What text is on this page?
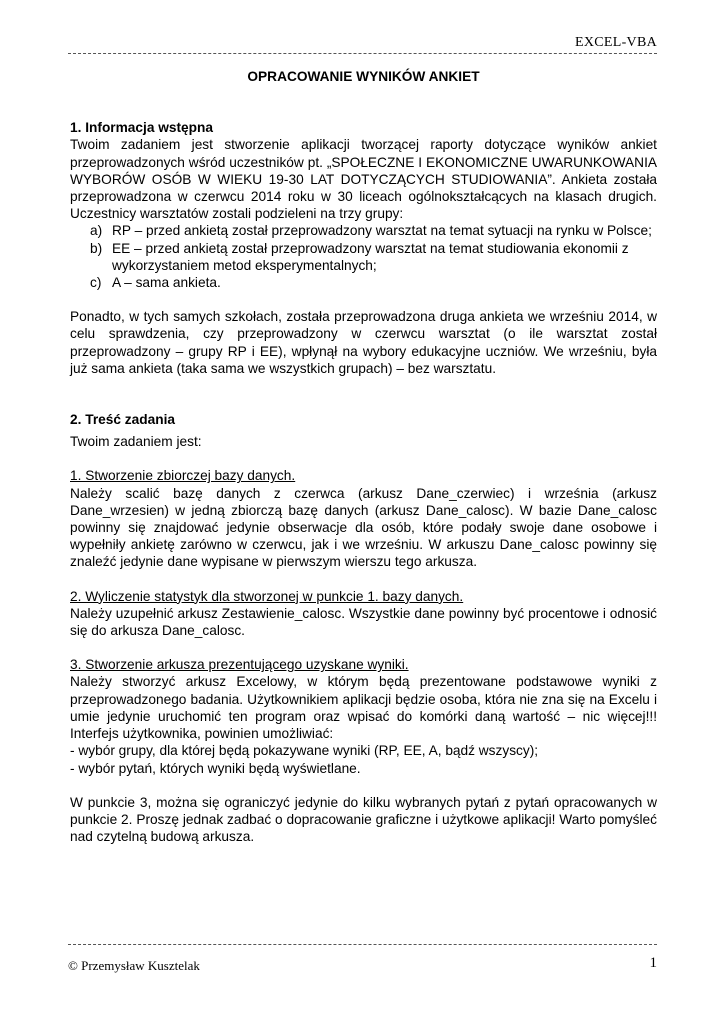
EXCEL-VBA

OPRACOWANIE WYNIKÓW ANKIET

1. Informacja wstępna

Twoim zadaniem jest stworzenie aplikacji tworzącej raporty dotyczące wyników ankiet przeprowadzonych wśród uczestników pt. „SPOŁECZNE I EKONOMICZNE UWARUNKOWANIA WYBORÓW OSÓB W WIEKU 19-30 LAT DOTYCZĄCYCH STUDIOWANIA”. Ankieta została przeprowadzona w czerwcu 2014 roku w 30 liceach ogólnokształcących na klasach drugich. Uczestnicy warsztatów zostali podzieleni na trzy grupy:

a) RP – przed ankietą został przeprowadzony warsztat na temat sytuacji na rynku w Polsce;
b) EE – przed ankietą został przeprowadzony warsztat na temat studiowania ekonomii z wykorzystaniem metod eksperymentalnych;
c) A – sama ankieta.

Ponadto, w tych samych szkołach, została przeprowadzona druga ankieta we wrześniu 2014, w celu sprawdzenia, czy przeprowadzony w czerwcu warsztat (o ile warsztat został przeprowadzony – grupy RP i EE), wpłynął na wybory edukacyjne uczniów. We wrześniu, była już sama ankieta (taka sama we wszystkich grupach) – bez warsztatu.

2. Treść zadania

Twoim zadaniem jest:

1. Stworzenie zbiorczej bazy danych.

Należy scalić bazę danych z czerwca (arkusz Dane_czerwiec) i września (arkusz Dane_wrzesien) w jedną zbiorczą bazę danych (arkusz Dane_calosc). W bazie Dane_calosc powinny się znajdować jedynie obserwacje dla osób, które podały swoje dane osobowe i wypełniły ankietę zarówno w czerwcu, jak i we wrześniu. W arkuszu Dane_calosc powinny się znaleźć jedynie dane wypisane w pierwszym wierszu tego arkusza.

2. Wyliczenie statystyk dla stworzonej w punkcie 1. bazy danych.

Należy uzupełnić arkusz Zestawienie_calosc. Wszystkie dane powinny być procentowe i odnosić się do arkusza Dane_calosc.

3. Stworzenie arkusza prezentującego uzyskane wyniki.

Należy stworzyć arkusz Excelowy, w którym będą prezentowane podstawowe wyniki z przeprowadzonego badania. Użytkownikiem aplikacji będzie osoba, która nie zna się na Excelu i umie jedynie uruchomić ten program oraz wpisać do komórki daną wartość – nic więcej!!! Interfejs użytkownika, powinien umożliwiać:

- wybór grupy, dla której będą pokazywane wyniki (RP, EE, A, bądź wszyscy);

- wybór pytań, których wyniki będą wyświetlane.

W punkcie 3, można się ograniczyć jedynie do kilku wybranych pytań z pytań opracowanych w punkcie 2. Proszę jednak zadbać o dopracowanie graficzne i użytkowe aplikacji! Warto pomyśleć nad czytelną budową arkusza.

© Przemysław Kusztelak	1
